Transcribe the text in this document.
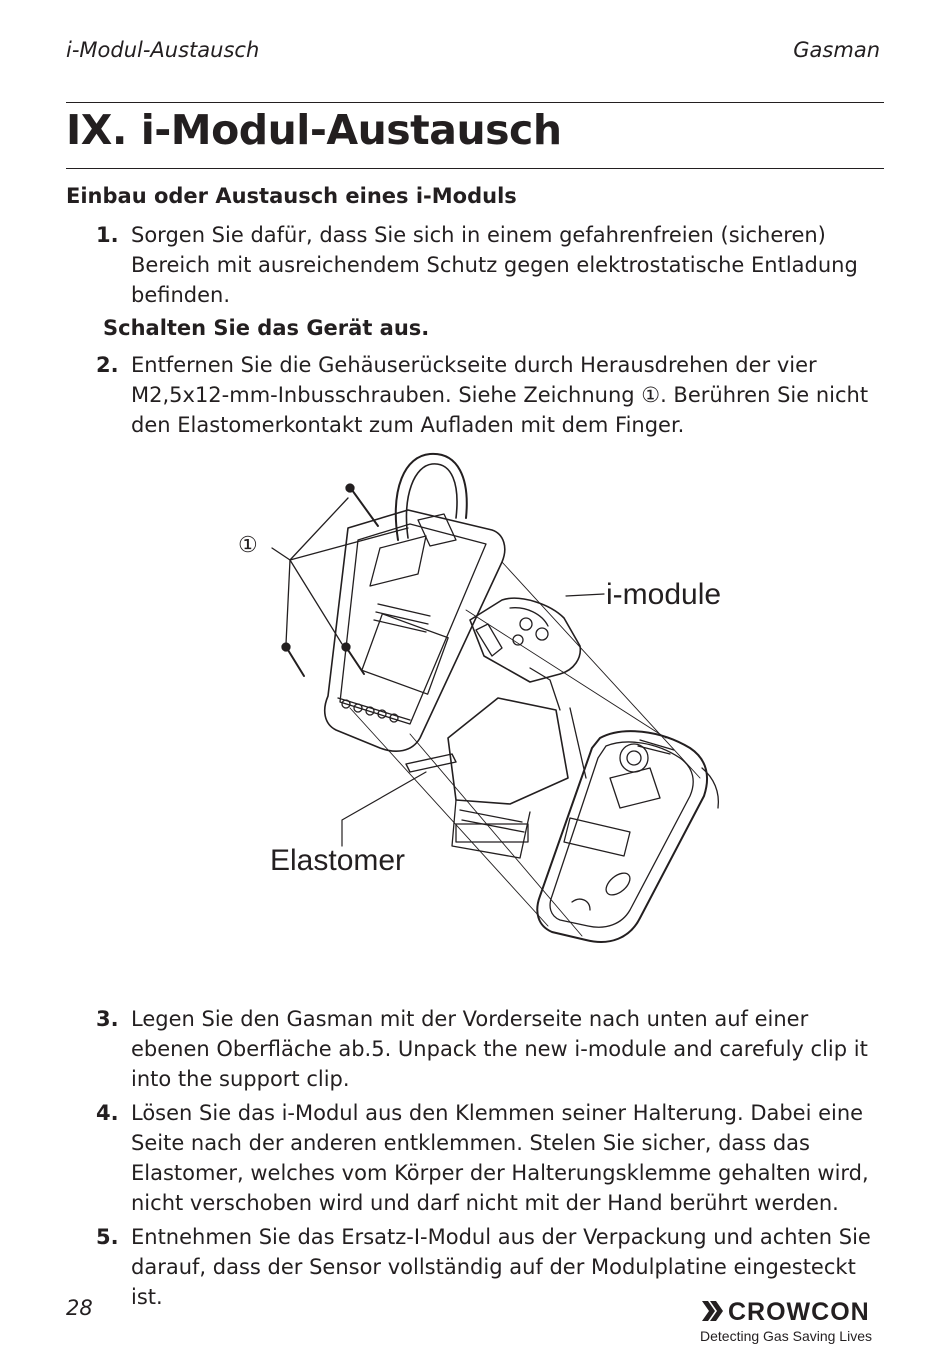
i-Modul-Austausch	Gasman
IX. i-Modul-Austausch
Einbau oder Austausch eines i-Moduls
1. Sorgen Sie dafür, dass Sie sich in einem gefahrenfreien (sicheren) Bereich mit ausreichendem Schutz gegen elektrostatische Entladung befinden.
Schalten Sie das Gerät aus.
2. Entfernen Sie die Gehäuserückseite durch Herausdrehen der vier M2,5x12-mm-Inbusschrauben. Siehe Zeichnung ①. Berühren Sie nicht den Elastomerkontakt zum Aufladen mit dem Finger.
①
i-module
Elastomer
3. Legen Sie den Gasman mit der Vorderseite nach unten auf einer ebenen Oberfläche ab.5. Unpack the new i-module and carefuly clip it into the support clip.
4. Lösen Sie das i-Modul aus den Klemmen seiner Halterung. Dabei eine Seite nach der anderen entklemmen. Stelen Sie sicher, dass das Elastomer, welches vom Körper der Halterungsklemme gehalten wird, nicht verschoben wird und darf nicht mit der Hand berührt werden.
5. Entnehmen Sie das Ersatz-I-Modul aus der Verpackung und achten Sie darauf, dass der Sensor vollständig auf der Modulplatine eingesteckt ist.
28	CROWCON
Detecting Gas Saving Lives
